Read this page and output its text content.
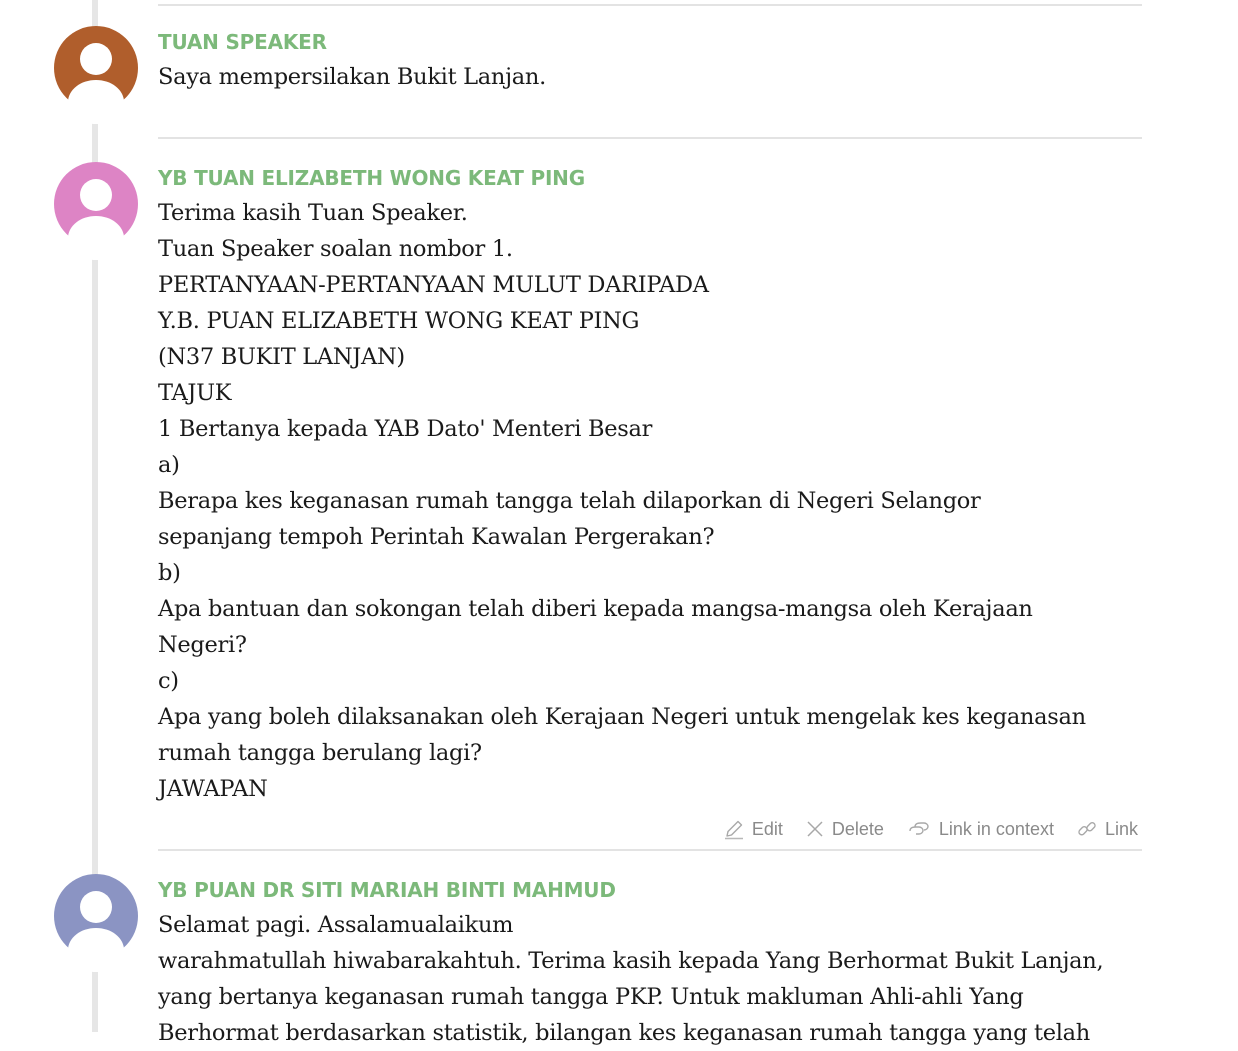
TUAN SPEAKER
Saya mempersilakan Bukit Lanjan.
YB TUAN ELIZABETH WONG KEAT PING
Terima kasih Tuan Speaker.
Tuan Speaker soalan nombor 1.
PERTANYAAN-PERTANYAAN MULUT DARIPADA
Y.B. PUAN ELIZABETH WONG KEAT PING
(N37 BUKIT LANJAN)
TAJUK
1 Bertanya kepada YAB Dato' Menteri Besar
a)
Berapa kes keganasan rumah tangga telah dilaporkan di Negeri Selangor
sepanjang tempoh Perintah Kawalan Pergerakan?
b)
Apa bantuan dan sokongan telah diberi kepada mangsa-mangsa oleh Kerajaan
Negeri?
c)
Apa yang boleh dilaksanakan oleh Kerajaan Negeri untuk mengelak kes keganasan
rumah tangga berulang lagi?
JAWAPAN
Edit	Delete	Link in context	Link
YB PUAN DR SITI MARIAH BINTI MAHMUD
Selamat pagi. Assalamualaikum
warahmatullah hiwabarakahtuh. Terima kasih kepada Yang Berhormat Bukit Lanjan,
yang bertanya keganasan rumah tangga PKP. Untuk makluman Ahli-ahli Yang
Berhormat berdasarkan statistik, bilangan kes keganasan rumah tangga yang telah
